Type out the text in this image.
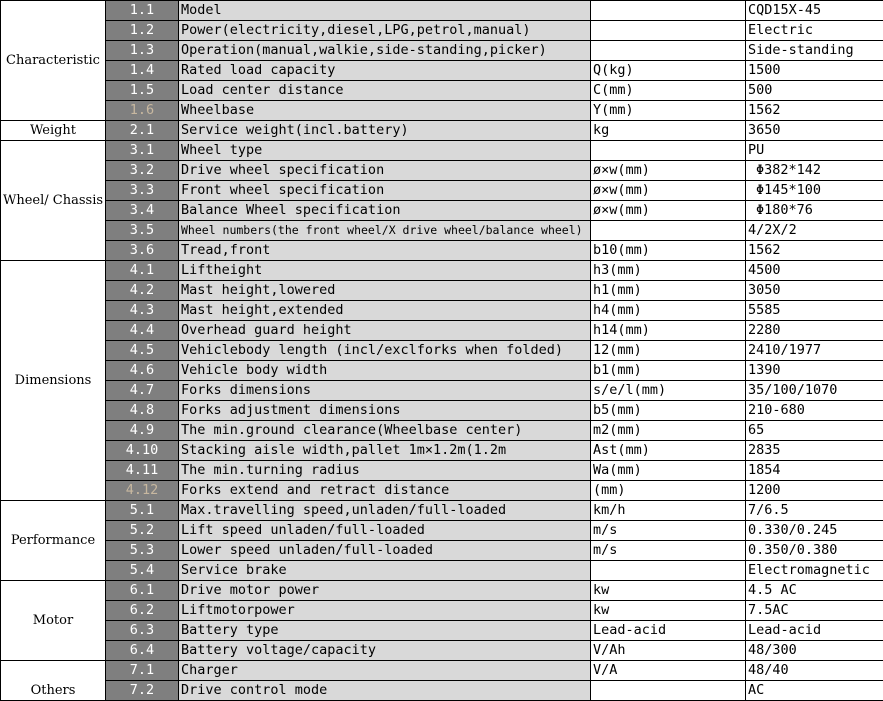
Characteristic	1.1	Model		CQD15X-45
	1.2	Power(electricity,diesel,LPG,petrol,manual)		Electric
	1.3	Operation(manual,walkie,side-standing,picker)		Side-standing
	1.4	Rated load capacity	Q(kg)	1500
	1.5	Load center distance	C(mm)	500
	1.6	Wheelbase	Y(mm)	1562
Weight	2.1	Service weight(incl.battery)	kg	3650
Wheel/ Chassis	3.1	Wheel type		PU
	3.2	Drive wheel specification	ø×w(mm)	Φ382*142
	3.3	Front wheel specification	ø×w(mm)	Φ145*100
	3.4	Balance Wheel specification	ø×w(mm)	Φ180*76
	3.5	Wheel numbers(the front wheel/X drive wheel/balance wheel)		4/2X/2
	3.6	Tread,front	b10(mm)	1562
Dimensions	4.1	Liftheight	h3(mm)	4500
	4.2	Mast height,lowered	h1(mm)	3050
	4.3	Mast height,extended	h4(mm)	5585
	4.4	Overhead guard height	h14(mm)	2280
	4.5	Vehiclebody length (incl/exclforks when folded)	12(mm)	2410/1977
	4.6	Vehicle body width	b1(mm)	1390
	4.7	Forks dimensions	s/e/l(mm)	35/100/1070
	4.8	Forks adjustment dimensions	b5(mm)	210-680
	4.9	The min.ground clearance(Wheelbase center)	m2(mm)	65
	4.10	Stacking aisle width,pallet 1m×1.2m(1.2m	Ast(mm)	2835
	4.11	The min.turning radius	Wa(mm)	1854
	4.12	Forks extend and retract distance	(mm)	1200
Performance	5.1	Max.travelling speed,unladen/full-loaded	km/h	7/6.5
	5.2	Lift speed unladen/full-loaded	m/s	0.330/0.245
	5.3	Lower speed unladen/full-loaded	m/s	0.350/0.380
	5.4	Service brake		Electromagnetic
Motor	6.1	Drive motor power	kw	4.5 AC
	6.2	Liftmotorpower	kw	7.5AC
	6.3	Battery type	Lead-acid	Lead-acid
	6.4	Battery voltage/capacity	V/Ah	48/300
Others	7.1	Charger	V/A	48/40
	7.2	Drive control mode		AC
